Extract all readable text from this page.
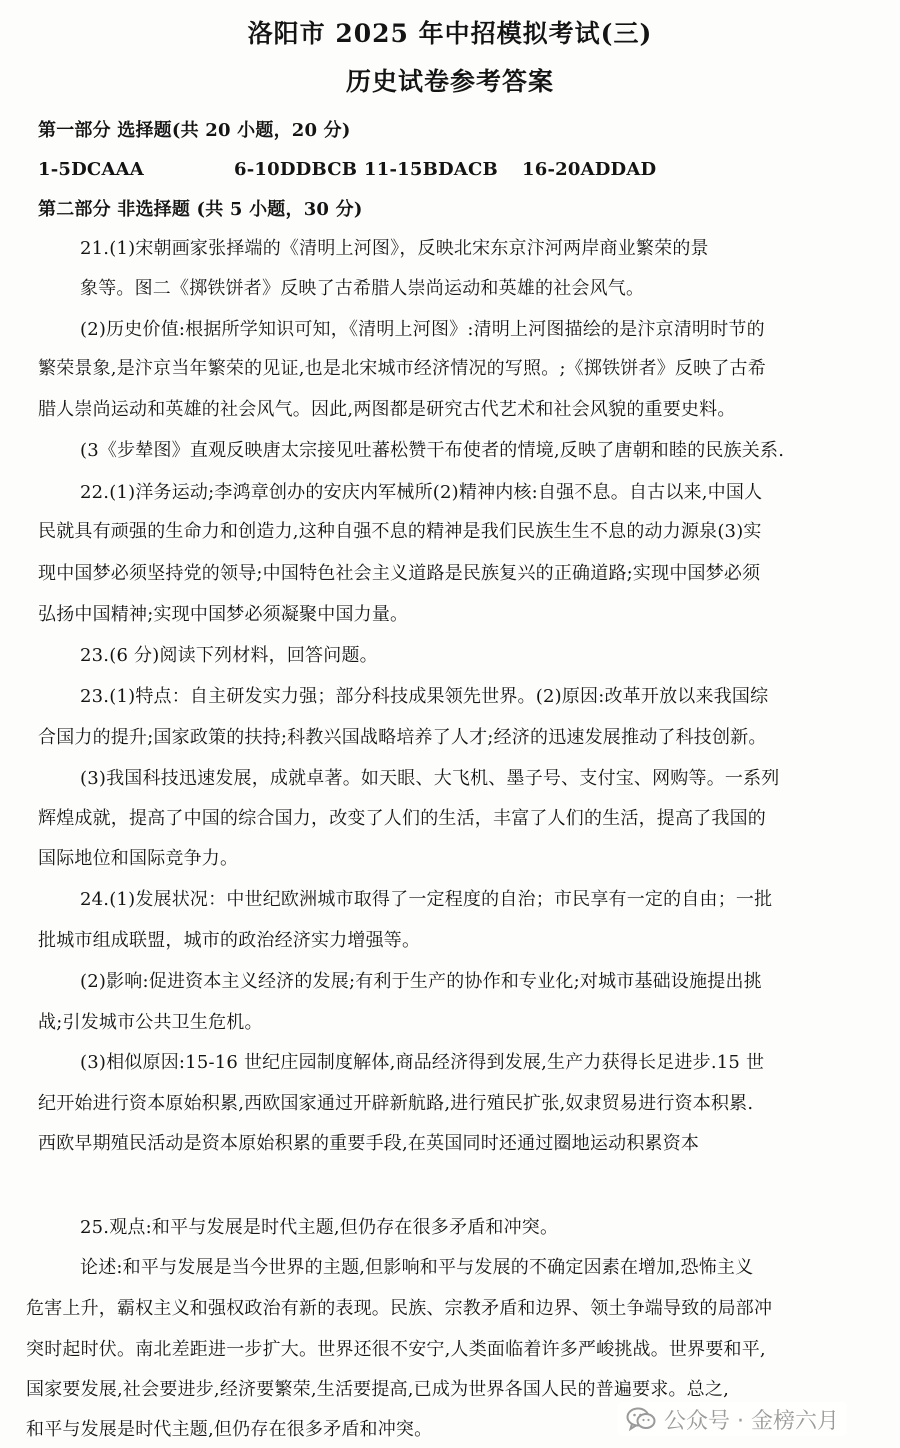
洛阳市 2025 年中招模拟考试(三)
历史试卷参考答案
第一部分 选择题(共 20 小题，20 分)
1-5DCAAA	6-10DDBCB 11-15BDACB 16-20ADDAD
第二部分 非选择题 (共 5 小题，30 分)
21.(1)宋朝画家张择端的《清明上河图》，反映北宋东京汴河两岸商业繁荣的景
象等。图二《掷铁饼者》反映了古希腊人崇尚运动和英雄的社会风气。
(2)历史价值:根据所学知识可知，《清明上河图》:清明上河图描绘的是汴京清明时节的
繁荣景象,是汴京当年繁荣的见证,也是北宋城市经济情况的写照。;《掷铁饼者》反映了古希
腊人崇尚运动和英雄的社会风气。因此,两图都是研究古代艺术和社会风貌的重要史料。
(3《步辇图》直观反映唐太宗接见吐蕃松赞干布使者的情境,反映了唐朝和睦的民族关系.
22.(1)洋务运动;李鸿章创办的安庆内军械所(2)精神内核:自强不息。自古以来,中国人
民就具有顽强的生命力和创造力,这种自强不息的精神是我们民族生生不息的动力源泉(3)实
现中国梦必须坚持党的领导;中国特色社会主义道路是民族复兴的正确道路;实现中国梦必须
弘扬中国精神;实现中国梦必须凝聚中国力量。
23.(6 分)阅读下列材料，回答问题。
23.(1)特点：自主研发实力强；部分科技成果领先世界。(2)原因:改革开放以来我国综
合国力的提升;国家政策的扶持;科教兴国战略培养了人才;经济的迅速发展推动了科技创新。
(3)我国科技迅速发展，成就卓著。如天眼、大飞机、墨子号、支付宝、网购等。一系列
辉煌成就，提高了中国的综合国力，改变了人们的生活，丰富了人们的生活，提高了我国的
国际地位和国际竞争力。
24.(1)发展状况：中世纪欧洲城市取得了一定程度的自治；市民享有一定的自由；一批
批城市组成联盟，城市的政治经济实力增强等。
(2)影响:促进资本主义经济的发展;有利于生产的协作和专业化;对城市基础设施提出挑
战;引发城市公共卫生危机。
(3)相似原因:15-16 世纪庄园制度解体,商品经济得到发展,生产力获得长足进步.15 世
纪开始进行资本原始积累,西欧国家通过开辟新航路,进行殖民扩张,奴隶贸易进行资本积累.
西欧早期殖民活动是资本原始积累的重要手段,在英国同时还通过圈地运动积累资本
25.观点:和平与发展是时代主题,但仍存在很多矛盾和冲突。
论述:和平与发展是当今世界的主题,但影响和平与发展的不确定因素在增加,恐怖主义
危害上升，霸权主义和强权政治有新的表现。民族、宗教矛盾和边界、领土争端导致的局部冲
突时起时伏。南北差距进一步扩大。世界还很不安宁,人类面临着许多严峻挑战。世界要和平,
国家要发展,社会要进步,经济要繁荣,生活要提高,已成为世界各国人民的普遍要求。总之,
和平与发展是时代主题,但仍存在很多矛盾和冲突。	公众号 · 金榜六月
